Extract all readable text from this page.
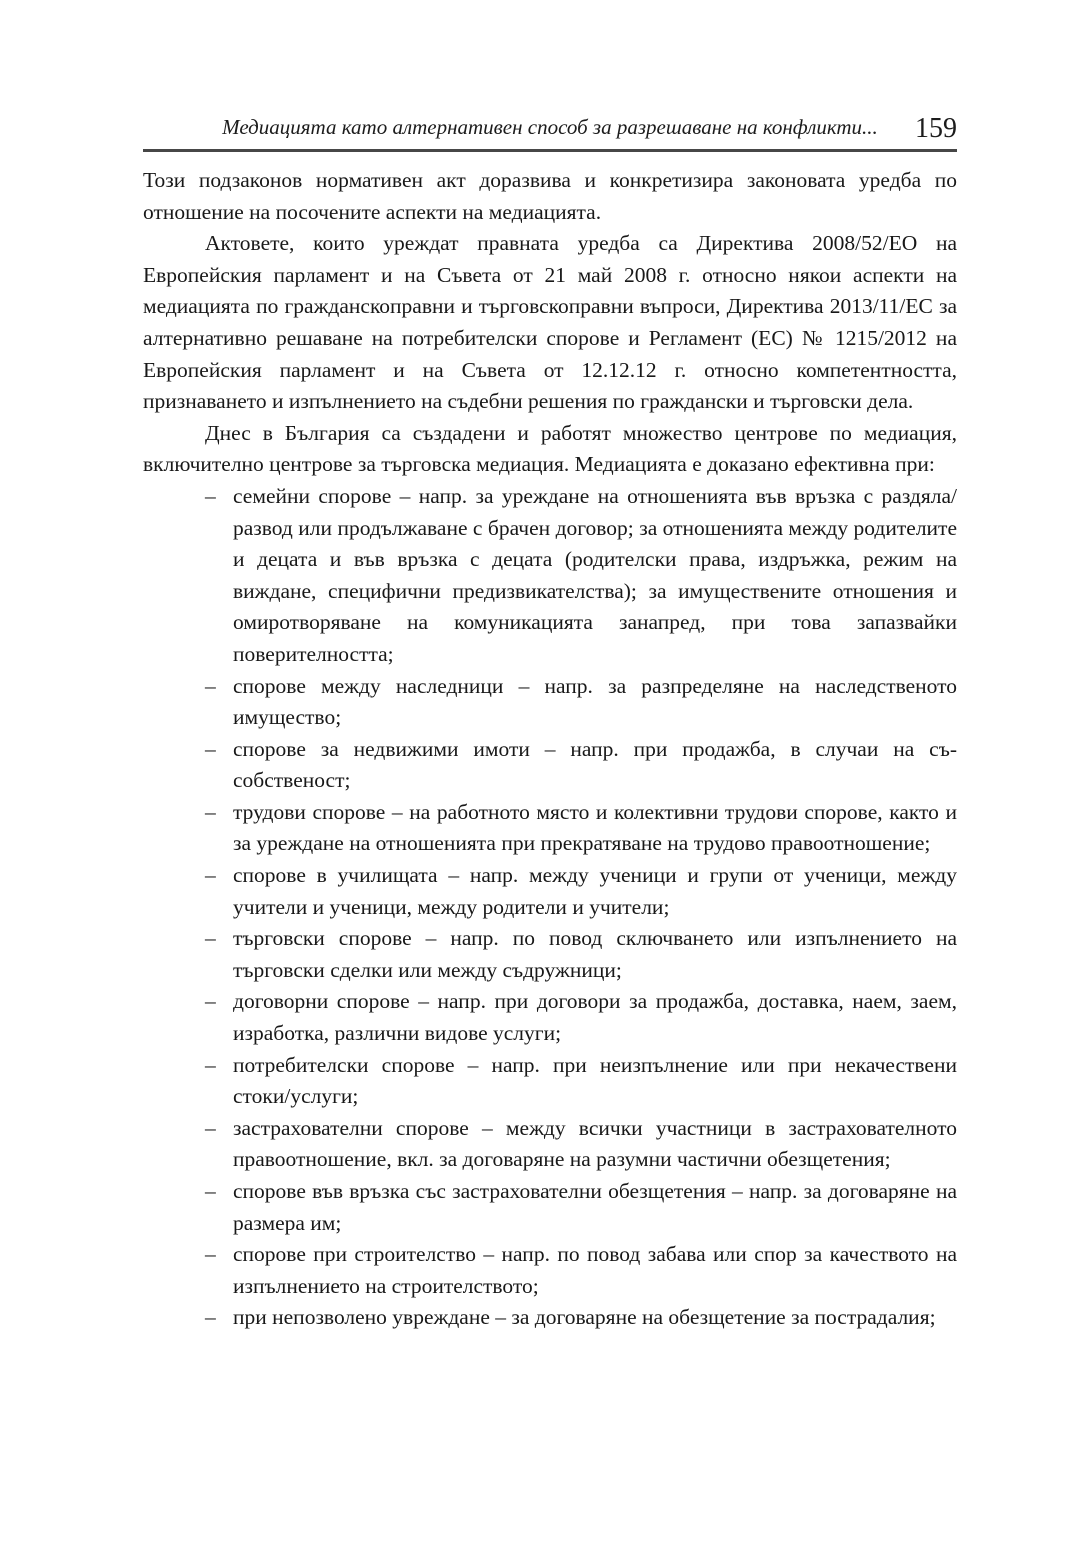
Медиацията като алтернативен способ за разрешаване на конфликти...	159

Този подзаконов нормативен акт доразвива и конкретизира законовата уредба по отношение на посочените аспекти на медиацията.

Актовете, които уреждат правната уредба са Директива 2008/52/ЕО на Европейския парламент и на Съвета от 21 май 2008 г. относно някои аспекти на медиацията по гражданскоправни и търговскоправни въпроси, Директива 2013/11/ЕС за алтернативно решаване на потребителски спорове и Регламент (ЕС) № 1215/2012 на Европейския парламент и на Съвета от 12.12.12 г. относно компетентността, признаването и изпълнението на съдебни решения по граждански и търговски дела.

Днес в България са създадени и работят множество центрове по медиация, включително центрове за търговска медиация. Медиацията е доказано ефективна при:

– семейни спорове – напр. за уреждане на отношенията във връзка с раздяла/развод или продължаване с брачен договор; за отношенията между родителите и децата и във връзка с децата (родителски права, издръжка, режим на виждане, специфични предизвикателства); за имуществените отношения и омиротворяване на комуникацията занапред, при това запазвайки поверителността;
– спорове между наследници – напр. за разпределяне на наследственото имущество;
– спорове за недвижими имоти – напр. при продажба, в случаи на съсобственост;
– трудови спорове – на работното място и колективни трудови спорове, както и за уреждане на отношенията при прекратяване на трудово правоотношение;
– спорове в училищата – напр. между ученици и групи от ученици, между учители и ученици, между родители и учители;
– търговски спорове – напр. по повод сключването или изпълнението на търговски сделки или между съдружници;
– договорни спорове – напр. при договори за продажба, доставка, наем, заем, изработка, различни видове услуги;
– потребителски спорове – напр. при неизпълнение или при некачествени стоки/услуги;
– застрахователни спорове – между всички участници в застрахователното правоотношение, вкл. за договаряне на разумни частични обезщетения;
– спорове във връзка със застрахователни обезщетения – напр. за договаряне на размера им;
– спорове при строителство – напр. по повод забава или спор за качеството на изпълнението на строителството;
– при непозволено увреждане – за договаряне на обезщетение за пострадалия;
